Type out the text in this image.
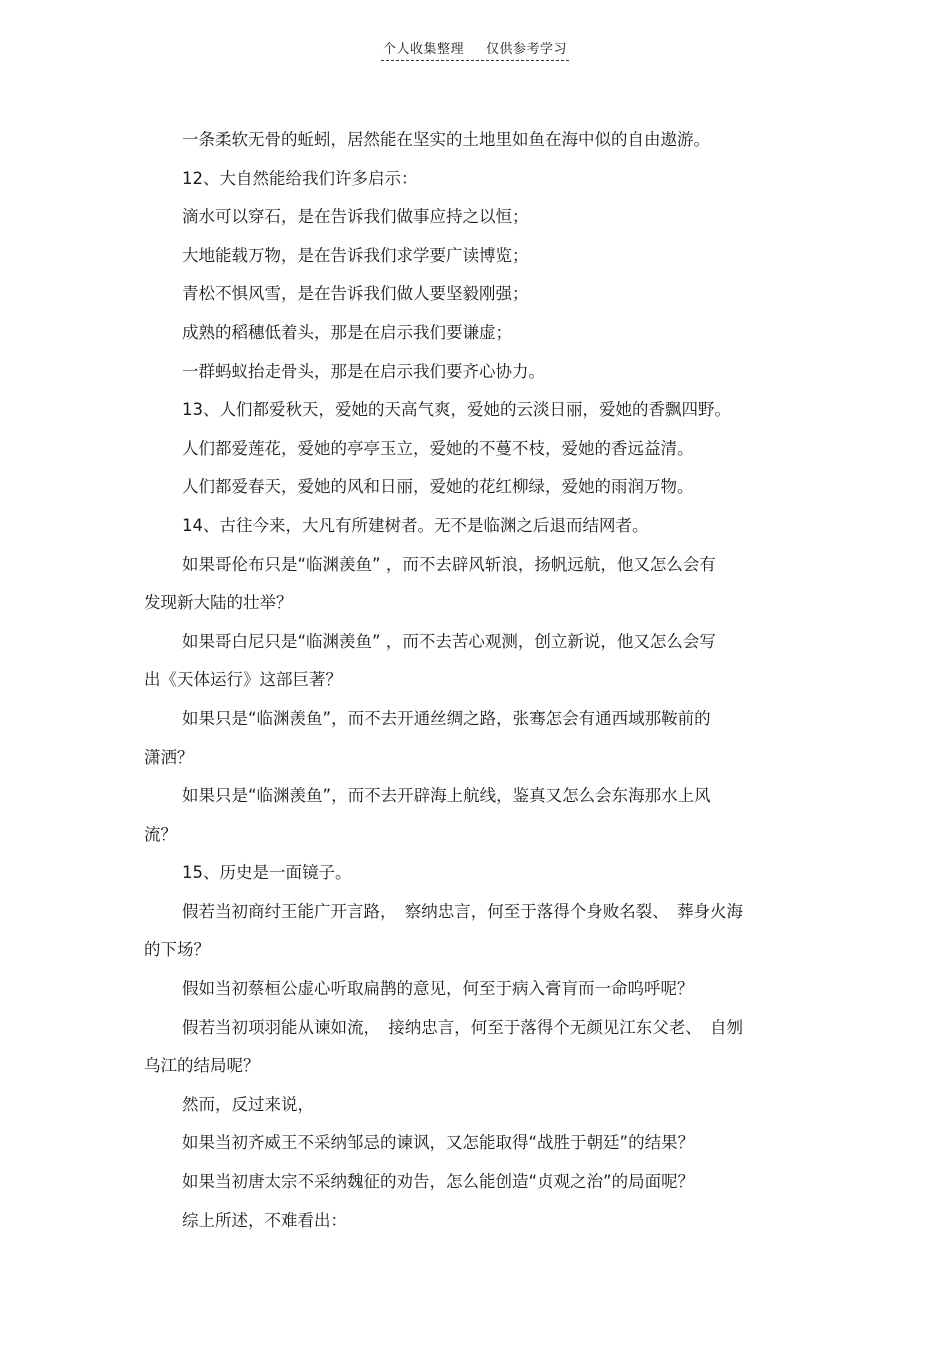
个人收集整理 仅供参考学习

一条柔软无骨的蚯蚓，居然能在坚实的土地里如鱼在海中似的自由遨游。

12、大自然能给我们许多启示：

滴水可以穿石，是在告诉我们做事应持之以恒；

大地能载万物，是在告诉我们求学要广读博览；

青松不惧风雪，是在告诉我们做人要坚毅刚强；

成熟的稻穗低着头，那是在启示我们要谦虚；

一群蚂蚁抬走骨头，那是在启示我们要齐心协力。

13、人们都爱秋天，爱她的天高气爽，爱她的云淡日丽，爱她的香飘四野。

人们都爱莲花，爱她的亭亭玉立，爱她的不蔓不枝，爱她的香远益清。

人们都爱春天，爱她的风和日丽，爱她的花红柳绿，爱她的雨润万物。

14、古往今来，大凡有所建树者。无不是临渊之后退而结网者。

如果哥伦布只是“临渊羡鱼” ，而不去辟风斩浪，扬帆远航，他又怎么会有

发现新大陆的壮举？

如果哥白尼只是“临渊羡鱼” ，而不去苦心观测，创立新说，他又怎么会写

出《天体运行》这部巨著？

如果只是“临渊羡鱼”，而不去开通丝绸之路，张骞怎会有通西域那鞍前的

潇洒？

如果只是“临渊羡鱼”，而不去开辟海上航线，鉴真又怎么会东海那水上风

流？

15、历史是一面镜子。

假若当初商纣王能广开言路，　察纳忠言，何至于落得个身败名裂、　葬身火海

的下场？

假如当初蔡桓公虚心听取扁鹊的意见，何至于病入膏肓而一命呜呼呢？

假若当初项羽能从谏如流，　接纳忠言，何至于落得个无颜见江东父老、　自刎

乌江的结局呢？

然而，反过来说，

如果当初齐威王不采纳邹忌的谏讽，又怎能取得“战胜于朝廷”的结果？

如果当初唐太宗不采纳魏征的劝告，怎么能创造“贞观之治”的局面呢？

综上所述，不难看出：
